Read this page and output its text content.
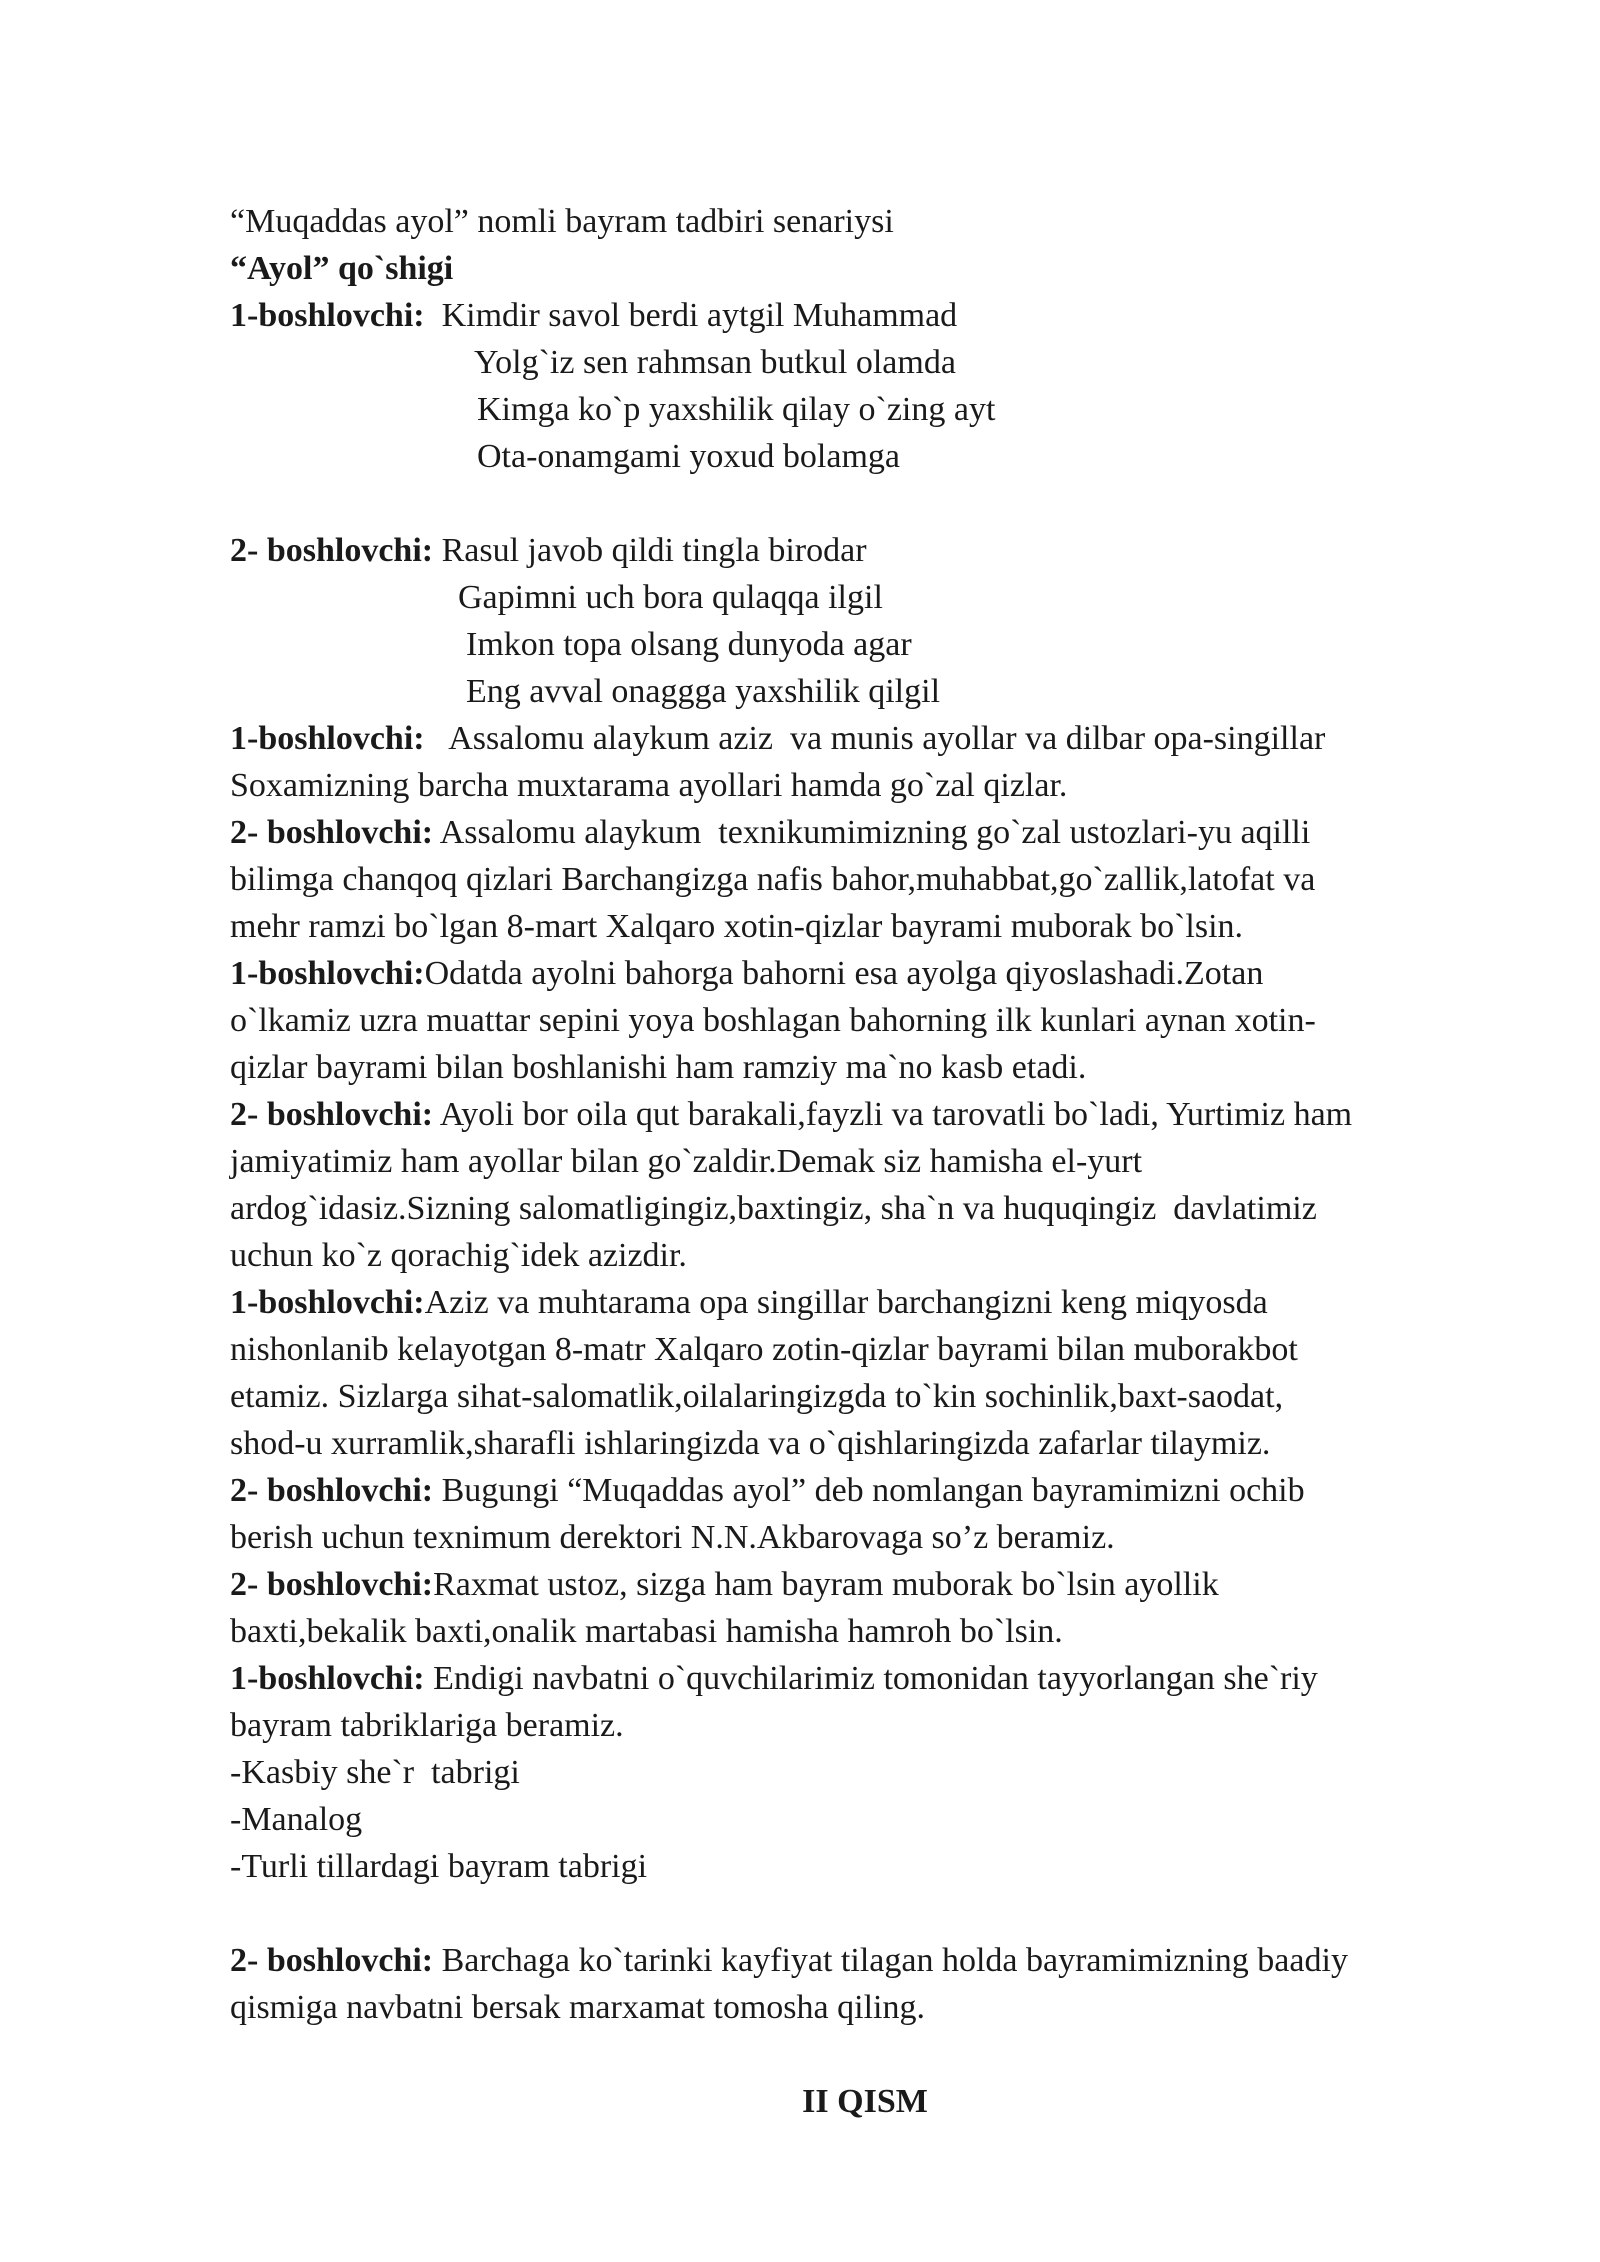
“Muqaddas ayol” nomli bayram tadbiri senariysi
“Ayol” qo`shigi
1-boshlovchi: Kimdir savol berdi aytgil Muhammad
Yolg`iz sen rahmsan butkul olamda
Kimga ko`p yaxshilik qilay o`zing ayt
Ota-onamgami yoxud bolamga
2- boshlovchi: Rasul javob qildi tingla birodar
Gapimni uch bora qulaqqa ilgil
Imkon topa olsang dunyoda agar
Eng avval onaggga yaxshilik qilgil
1-boshlovchi:   Assalomu alaykum aziz  va munis ayollar va dilbar opa-singillar
Soxamizning barcha muxtarama ayollari hamda go`zal qizlar.
2- boshlovchi: Assalomu alaykum  texnikumimizning go`zal ustozlari-yu aqilli
bilimga chanqoq qizlari Barchangizga nafis bahor,muhabbat,go`zallik,latofat va
mehr ramzi bo`lgan 8-mart Xalqaro xotin-qizlar bayrami muborak bo`lsin.
1-boshlovchi:Odatda ayolni bahorga bahorni esa ayolga qiyoslashadi.Zotan
o`lkamiz uzra muattar sepini yoya boshlagan bahorning ilk kunlari aynan xotin-
qizlar bayrami bilan boshlanishi ham ramziy ma`no kasb etadi.
2- boshlovchi: Ayoli bor oila qut barakali,fayzli va tarovatli bo`ladi, Yurtimiz ham
jamiyatimiz ham ayollar bilan go`zaldir.Demak siz hamisha el-yurt
ardog`idasiz.Sizning salomatligingiz,baxtingiz, sha`n va huquqingiz  davlatimiz
uchun ko`z qorachig`idek azizdir.
1-boshlovchi:Aziz va muhtarama opa singillar barchangizni keng miqyosda
nishonlanib kelayotgan 8-matr Xalqaro zotin-qizlar bayrami bilan muborakbot
etamiz. Sizlarga sihat-salomatlik,oilalaringizgda to`kin sochinlik,baxt-saodat,
shod-u xurramlik,sharafli ishlaringizda va o`qishlaringizda zafarlar tilaymiz.
2- boshlovchi: Bugungi “Muqaddas ayol” deb nomlangan bayramimizni ochib
berish uchun texnimum derektori N.N.Akbarovaga so’z beramiz.
2- boshlovchi:Raxmat ustoz, sizga ham bayram muborak bo`lsin ayollik
baxti,bekalik baxti,onalik martabasi hamisha hamroh bo`lsin.
1-boshlovchi: Endigi navbatni o`quvchilarimiz tomonidan tayyorlangan she`riy
bayram tabriklariga beramiz.
-Kasbiy she`r  tabrigi
-Manalog
-Turli tillardagi bayram tabrigi
2- boshlovchi: Barchaga ko`tarinki kayfiyat tilagan holda bayramimizning baadiy
qismiga navbatni bersak marxamat tomosha qiling.
II QISM
